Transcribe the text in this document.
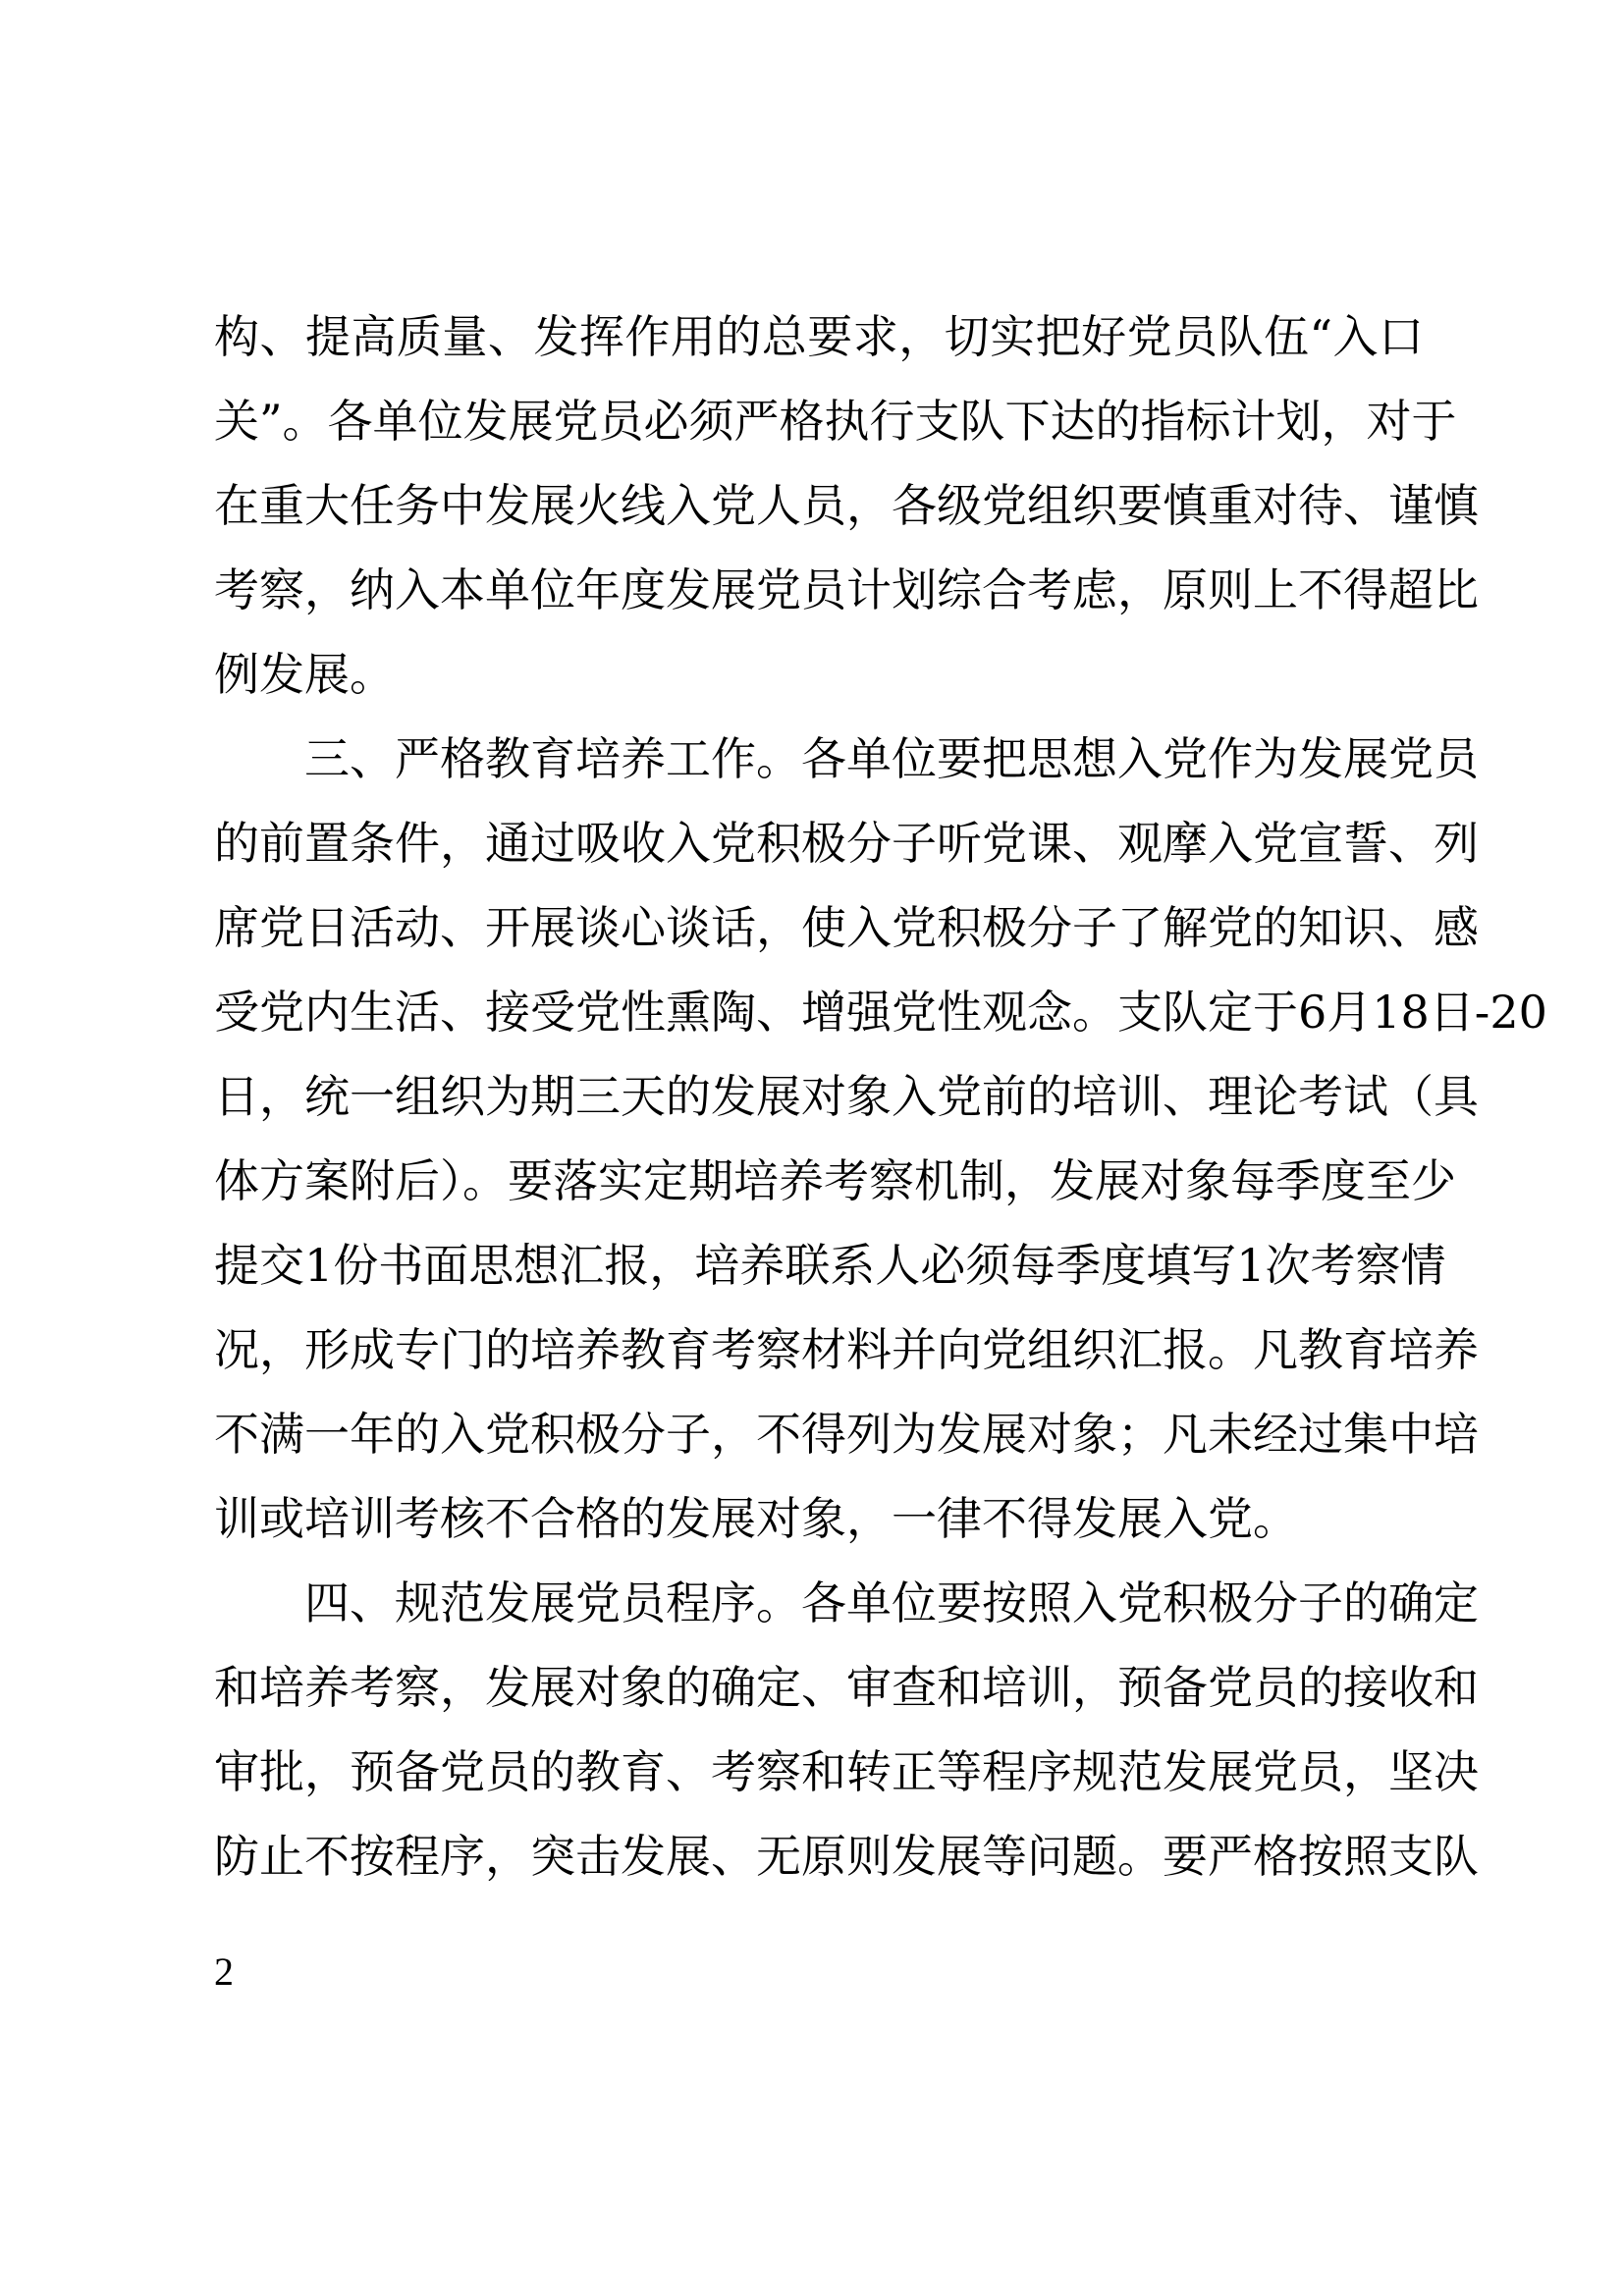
构、提高质量、发挥作用的总要求，切实把好党员队伍“入口
关”。各单位发展党员必须严格执行支队下达的指标计划，对于
在重大任务中发展火线入党人员，各级党组织要慎重对待、谨慎
考察，纳入本单位年度发展党员计划综合考虑，原则上不得超比
例发展。
三、严格教育培养工作。各单位要把思想入党作为发展党员
的前置条件，通过吸收入党积极分子听党课、观摩入党宣誓、列
席党日活动、开展谈心谈话，使入党积极分子了解党的知识、感
受党内生活、接受党性熏陶、增强党性观念。支队定于6月18日-20
日，统一组织为期三天的发展对象入党前的培训、理论考试（具
体方案附后）。要落实定期培养考察机制，发展对象每季度至少
提交1份书面思想汇报，培养联系人必须每季度填写1次考察情
况，形成专门的培养教育考察材料并向党组织汇报。凡教育培养
不满一年的入党积极分子，不得列为发展对象；凡未经过集中培
训或培训考核不合格的发展对象，一律不得发展入党。
四、规范发展党员程序。各单位要按照入党积极分子的确定
和培养考察，发展对象的确定、审查和培训，预备党员的接收和
审批，预备党员的教育、考察和转正等程序规范发展党员，坚决
防止不按程序，突击发展、无原则发展等问题。要严格按照支队
2
